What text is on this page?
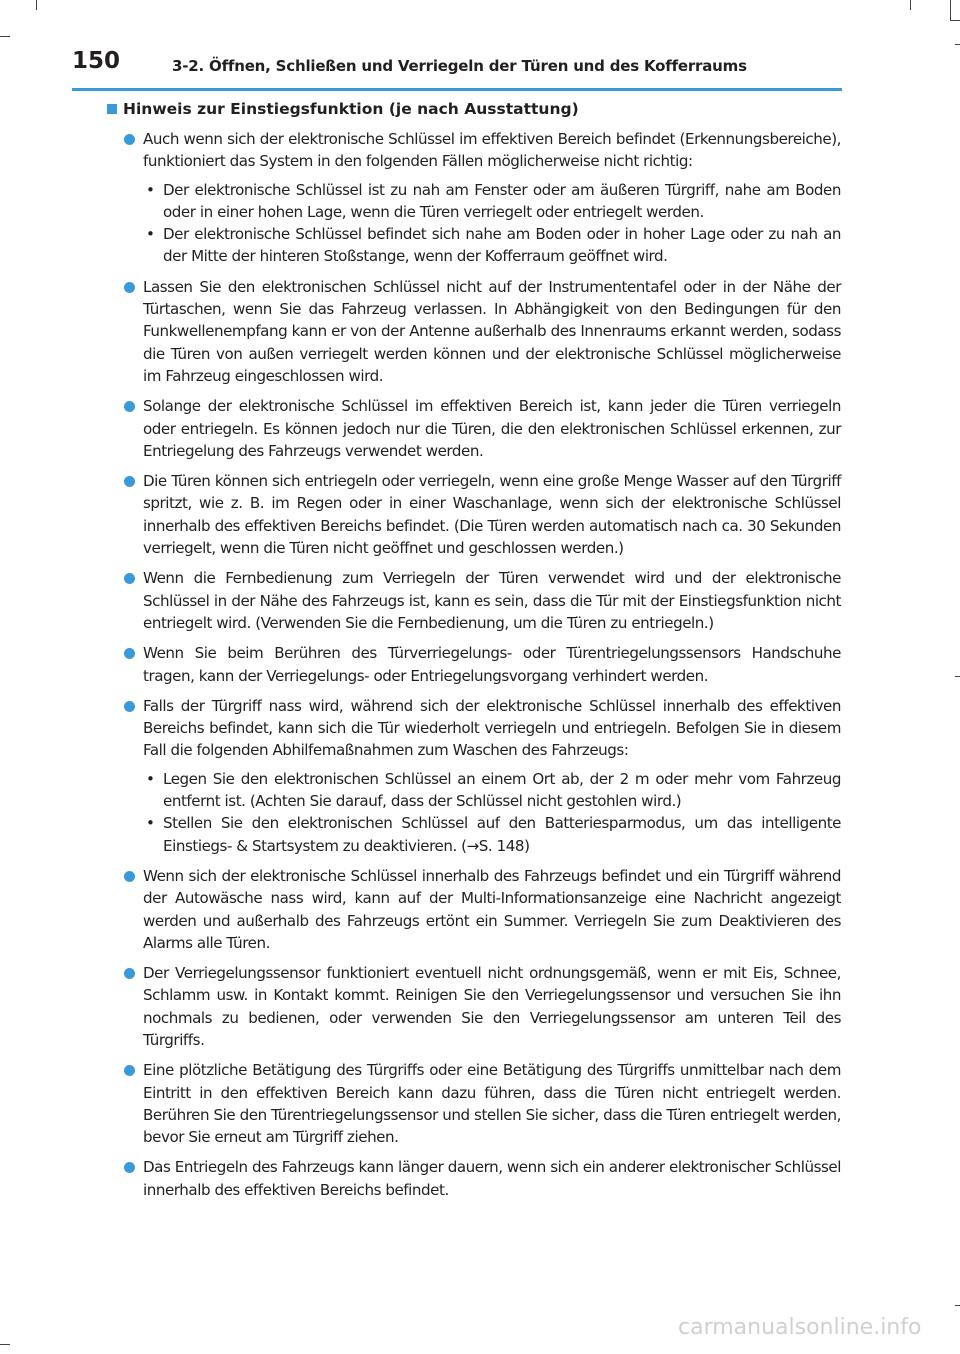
150	3-2. Öffnen, Schließen und Verriegeln der Türen und des Kofferraums
Hinweis zur Einstiegsfunktion (je nach Ausstattung)
Auch wenn sich der elektronische Schlüssel im effektiven Bereich befindet (Erkennungsbereiche), funktioniert das System in den folgenden Fällen möglicherweise nicht richtig:
• Der elektronische Schlüssel ist zu nah am Fenster oder am äußeren Türgriff, nahe am Boden oder in einer hohen Lage, wenn die Türen verriegelt oder entriegelt werden.
• Der elektronische Schlüssel befindet sich nahe am Boden oder in hoher Lage oder zu nah an der Mitte der hinteren Stoßstange, wenn der Kofferraum geöffnet wird.
Lassen Sie den elektronischen Schlüssel nicht auf der Instrumententafel oder in der Nähe der Türtaschen, wenn Sie das Fahrzeug verlassen. In Abhängigkeit von den Bedingungen für den Funkwellenempfang kann er von der Antenne außerhalb des Innenraums erkannt werden, sodass die Türen von außen verriegelt werden können und der elektronische Schlüssel möglicherweise im Fahrzeug eingeschlossen wird.
Solange der elektronische Schlüssel im effektiven Bereich ist, kann jeder die Türen verriegeln oder entriegeln. Es können jedoch nur die Türen, die den elektronischen Schlüssel erkennen, zur Entriegelung des Fahrzeugs verwendet werden.
Die Türen können sich entriegeln oder verriegeln, wenn eine große Menge Wasser auf den Türgriff spritzt, wie z. B. im Regen oder in einer Waschanlage, wenn sich der elektronische Schlüssel innerhalb des effektiven Bereichs befindet. (Die Türen werden automatisch nach ca. 30 Sekunden verriegelt, wenn die Türen nicht geöffnet und geschlossen werden.)
Wenn die Fernbedienung zum Verriegeln der Türen verwendet wird und der elektronische Schlüssel in der Nähe des Fahrzeugs ist, kann es sein, dass die Tür mit der Einstiegsfunktion nicht entriegelt wird. (Verwenden Sie die Fernbedienung, um die Türen zu entriegeln.)
Wenn Sie beim Berühren des Türverriegelungs- oder Türentriegelungssensors Handschuhe tragen, kann der Verriegelungs- oder Entriegelungsvorgang verhindert werden.
Falls der Türgriff nass wird, während sich der elektronische Schlüssel innerhalb des effektiven Bereichs befindet, kann sich die Tür wiederholt verriegeln und entriegeln. Befolgen Sie in diesem Fall die folgenden Abhilfemaßnahmen zum Waschen des Fahrzeugs:
• Legen Sie den elektronischen Schlüssel an einem Ort ab, der 2 m oder mehr vom Fahrzeug entfernt ist. (Achten Sie darauf, dass der Schlüssel nicht gestohlen wird.)
• Stellen Sie den elektronischen Schlüssel auf den Batteriesparmodus, um das intelligente Einstiegs- & Startsystem zu deaktivieren. (→S. 148)
Wenn sich der elektronische Schlüssel innerhalb des Fahrzeugs befindet und ein Türgriff während der Autowäsche nass wird, kann auf der Multi-Informationsanzeige eine Nachricht angezeigt werden und außerhalb des Fahrzeugs ertönt ein Summer. Verriegeln Sie zum Deaktivieren des Alarms alle Türen.
Der Verriegelungssensor funktioniert eventuell nicht ordnungsgemäß, wenn er mit Eis, Schnee, Schlamm usw. in Kontakt kommt. Reinigen Sie den Verriegelungssensor und versuchen Sie ihn nochmals zu bedienen, oder verwenden Sie den Verriegelungssensor am unteren Teil des Türgriffs.
Eine plötzliche Betätigung des Türgriffs oder eine Betätigung des Türgriffs unmittelbar nach dem Eintritt in den effektiven Bereich kann dazu führen, dass die Türen nicht entriegelt werden. Berühren Sie den Türentriegelungssensor und stellen Sie sicher, dass die Türen entriegelt werden, bevor Sie erneut am Türgriff ziehen.
Das Entriegeln des Fahrzeugs kann länger dauern, wenn sich ein anderer elektronischer Schlüssel innerhalb des effektiven Bereichs befindet.
carmanualsonline.info
